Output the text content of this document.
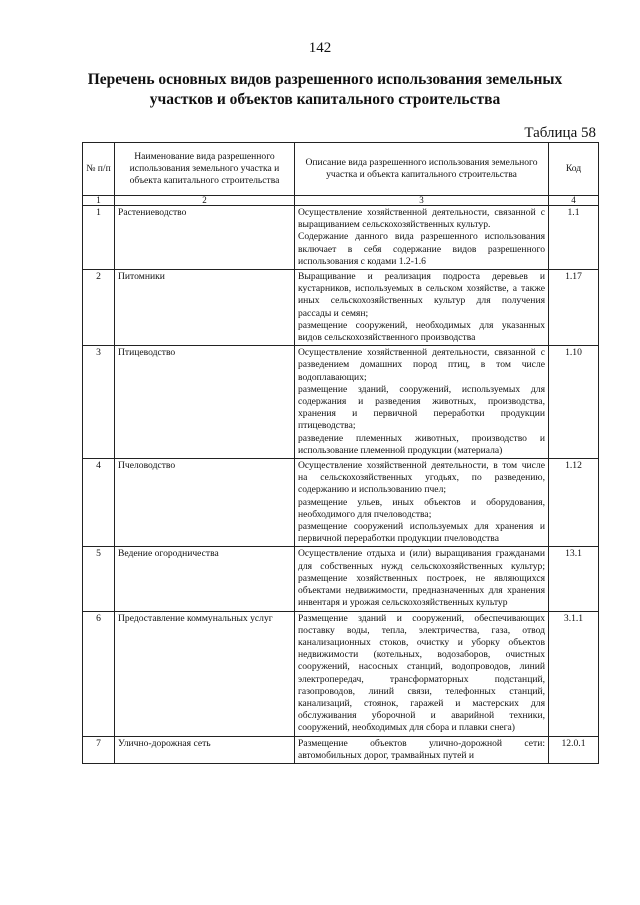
142
Перечень основных видов разрешенного использования земельных участков и объектов капитального строительства
Таблица 58
№ п/п	Наименование вида разрешенного использования земельного участка и объекта капитального строительства	Описание вида разрешенного использования земельного участка и объекта капитального строительства	Код
1	2	3	4
1	Растениеводство	Осуществление хозяйственной деятельности, связанной с выращиванием сельскохозяйственных культур.
Содержание данного вида разрешенного использования включает в себя содержание видов разрешенного использования с кодами 1.2-1.6	1.1
2	Питомники	Выращивание и реализация подроста деревьев и кустарников, используемых в сельском хозяйстве, а также иных сельскохозяйственных культур для получения рассады и семян;
размещение сооружений, необходимых для указанных видов сельскохозяйственного производства	1.17
3	Птицеводство	Осуществление хозяйственной деятельности, связанной с разведением домашних пород птиц, в том числе водоплавающих;
размещение зданий, сооружений, используемых для содержания и разведения животных, производства, хранения и первичной переработки продукции птицеводства;
разведение племенных животных, производство и использование племенной продукции (материала)	1.10
4	Пчеловодство	Осуществление хозяйственной деятельности, в том числе на сельскохозяйственных угодьях, по разведению, содержанию и использованию пчел;
размещение ульев, иных объектов и оборудования, необходимого для пчеловодства;
размещение сооружений используемых для хранения и первичной переработки продукции пчеловодства	1.12
5	Ведение огородничества	Осуществление отдыха и (или) выращивания гражданами для собственных нужд сельскохозяйственных культур; размещение хозяйственных построек, не являющихся объектами недвижимости, предназначенных для хранения инвентаря и урожая сельскохозяйственных культур	13.1
6	Предоставление коммунальных услуг	Размещение зданий и сооружений, обеспечивающих поставку воды, тепла, электричества, газа, отвод канализационных стоков, очистку и уборку объектов недвижимости (котельных, водозаборов, очистных сооружений, насосных станций, водопроводов, линий электропередач, трансформаторных подстанций, газопроводов, линий связи, телефонных станций, канализаций, стоянок, гаражей и мастерских для обслуживания уборочной и аварийной техники, сооружений, необходимых для сбора и плавки снега)	3.1.1
7	Улично-дорожная сеть	Размещение объектов улично-дорожной сети: автомобильных дорог, трамвайных путей и	12.0.1
